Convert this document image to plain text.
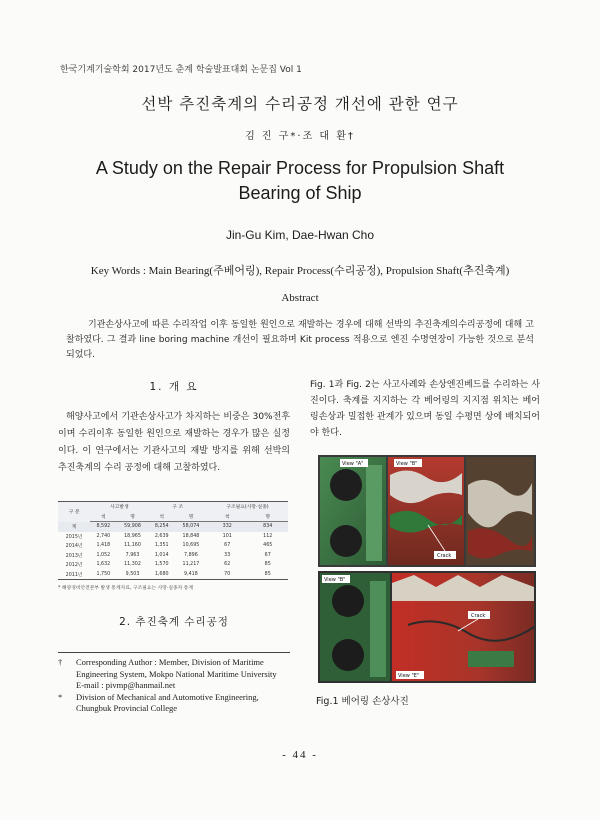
한국기계기술학회 2017년도 춘계 학술발표대회 논문집 Vol 1
선박 추진축계의 수리공정 개선에 관한 연구
김 진 구*·조 대 환†
A Study on the Repair Process for Propulsion Shaft
Bearing of Ship
Jin-Gu Kim, Dae-Hwan Cho
Key Words : Main Bearing(주베어링), Repair Process(수리공정), Propulsion Shaft(추진축계)
Abstract
기관손상사고에 따른 수리작업 이후 동일한 원인으로 재발하는 경우에 대해 선박의 추진축계의수리공정에 대해 고찰하였다. 그 결과 line boring machine 개선이 필요하며 Kit process 적용으로 엔진 수명연장이 가능한 것으로 분석되었다.
1. 개 요
해양사고에서 기관손상사고가 차지하는 비중은 30%전후이며 수리이후 동일한 원인으로 재발하는 경우가 많은 실정이다. 이 연구에서는 기관사고의 재발 방지를 위해 선박의 추진축계의 수리 공정에 대해 고찰하였다.
구 분	사고발생		구 조		구조필요(사망·실종)	
	척	명	척	명	척	명
계	8,592	59,908	8,254	58,074	332	834
2015년	2,740	18,965	2,639	18,848	101	112
2014년	1,418	11,160	1,351	10,695	67	465
2013년	1,052	7,963	1,014	7,896	33	67
2012년	1,632	11,302	1,570	11,217	62	85
2011년	1,750	9,503	1,680	9,418	70	85
* 해양경비안전본부 발생 통계자료, 구조필요는 사망·실종자 통계
2. 추진축계 수리공정
†	Corresponding Author : Member, Division of Maritime Engineering System, Mokpo National Maritime University
E-mail : pivmp@hanmail.net
*	Division of Mechanical and Automotive Engineering, Chungbuk Provincial College
Fig. 1과 Fig. 2는 사고사례와 손상엔진베드를 수리하는 사진이다. 축계를 지지하는 각 베어링의 지지점 위치는 베어링손상과 밀접한 관계가 있으며 동일 수평면 상에 배치되어야 한다.
View "A"	View "B"
Crack
View "B"
Crack
View "E"
Fig.1 베어링 손상사진
- 44 -
